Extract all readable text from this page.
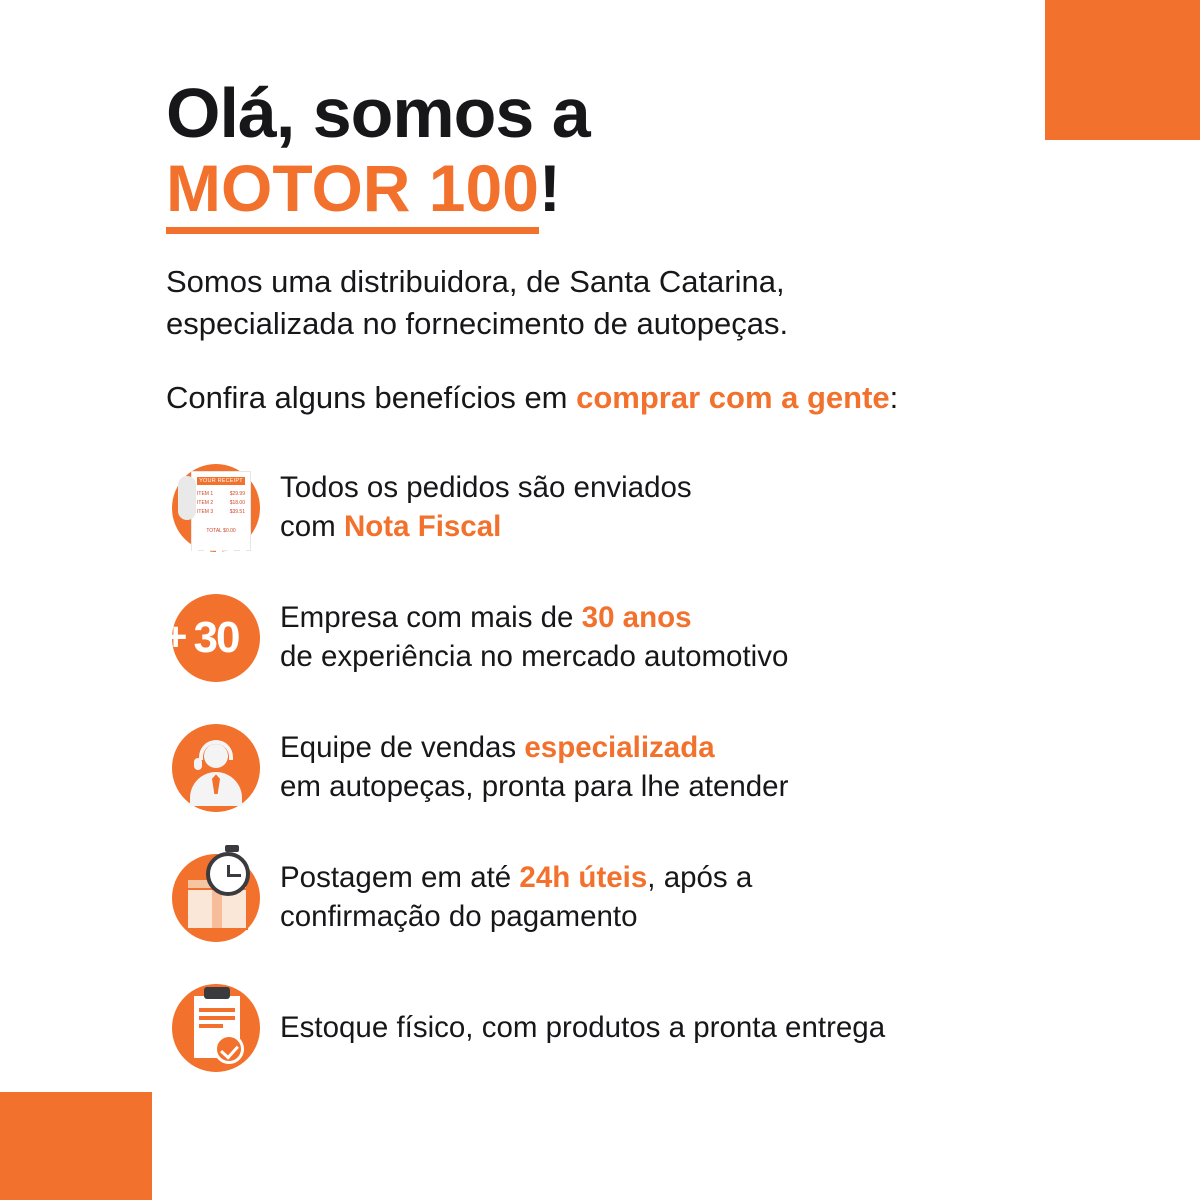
Olá, somos a
MOTOR 100!

Somos uma distribuidora, de Santa Catarina,
especializada no fornecimento de autopeças.

Confira alguns benefícios em comprar com a gente:

YOUR RECEIPT
ITEM 1	$29.99
ITEM 2	$18.00
ITEM 3	$39.51
TOTAL $0.00
Todos os pedidos são enviados
com Nota Fiscal
+ 30 Empresa com mais de 30 anos
de experiência no mercado automotivo
Equipe de vendas especializada
em autopeças, pronta para lhe atender
Postagem em até 24h úteis, após a
confirmação do pagamento
Estoque físico, com produtos a pronta entrega
